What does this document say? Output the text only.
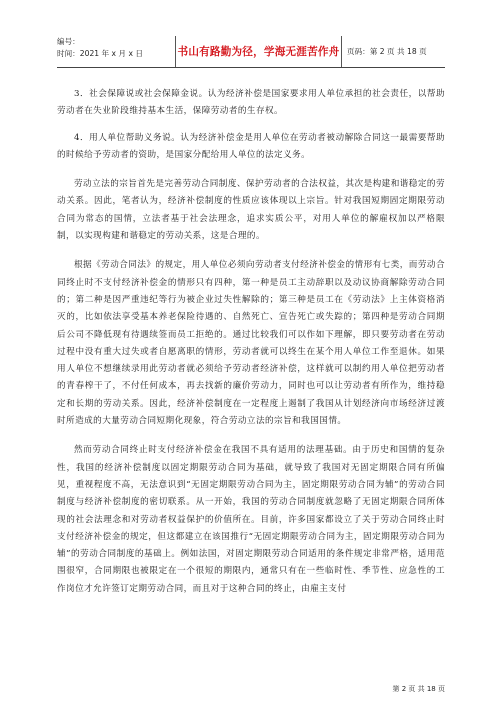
编号：
时间：2021 年 x 月 x 日	书山有路勤为径，学海无涯苦作舟 页码：第 2 页 共 18 页

3．社会保障说或社会保障金说。认为经济补偿是国家要求用人单位承担的社会责任，以帮助劳动者在失业阶段维持基本生活，保障劳动者的生存权。

4．用人单位帮助义务说。认为经济补偿金是用人单位在劳动者被动解除合同这一最需要帮助的时候给予劳动者的资助，是国家分配给用人单位的法定义务。

劳动立法的宗旨首先是完善劳动合同制度、保护劳动者的合法权益，其次是构建和谐稳定的劳动关系。因此，笔者认为，经济补偿制度的性质应该体现以上宗旨。针对我国短期固定期限劳动合同为常态的国情，立法者基于社会法理念，追求实质公平，对用人单位的解雇权加以严格限制，以实现构建和谐稳定的劳动关系，这是合理的。

根据《劳动合同法》的规定，用人单位必须向劳动者支付经济补偿金的情形有七类，而劳动合同终止时不支付经济补偿金的情形只有四种，第一种是员工主动辞职以及动议协商解除劳动合同的；第二种是因严重违纪等行为被企业过失性解除的；第三种是员工在《劳动法》上主体资格消灭的，比如依法享受基本养老保险待遇的、自然死亡、宣告死亡或失踪的；第四种是劳动合同期后公司不降低现有待遇续签而员工拒绝的。通过比较我们可以作如下理解，即只要劳动者在劳动过程中没有重大过失或者自愿离职的情形，劳动者就可以终生在某个用人单位工作至退休。如果用人单位不想继续录用此劳动者就必须给予劳动者经济补偿，这样就可以制约用人单位把劳动者的青春榨干了，不付任何成本，再去找新的廉价劳动力，同时也可以让劳动者有所作为，维持稳定和长期的劳动关系。因此，经济补偿制度在一定程度上遏制了我国从计划经济向市场经济过渡时所造成的大量劳动合同短期化现象，符合劳动立法的宗旨和我国国情。

然而劳动合同终止时支付经济补偿金在我国不具有适用的法理基础。由于历史和国情的复杂性，我国的经济补偿制度以固定期限劳动合同为基础，就导致了我国对无固定期限合同有所偏见，重视程度不高，无法意识到“无固定期限劳动合同为主，固定期限劳动合同为辅”的劳动合同制度与经济补偿制度的密切联系。从一开始，我国的劳动合同制度就忽略了无固定期限合同所体现的社会法理念和对劳动者权益保护的价值所在。目前，许多国家都设立了关于劳动合同终止时支付经济补偿金的规定，但这都建立在该国推行“无固定期限劳动合同为主，固定期限劳动合同为辅”的劳动合同制度的基础上。例如法国，对固定期限劳动合同适用的条件规定非常严格，适用范围很窄，合同期限也被限定在一个很短的期限内，通常只有在一些临时性、季节性、应急性的工作岗位才允许签订定期劳动合同，而且对于这种合同的终止，由雇主支付

第 2 页 共 18 页
